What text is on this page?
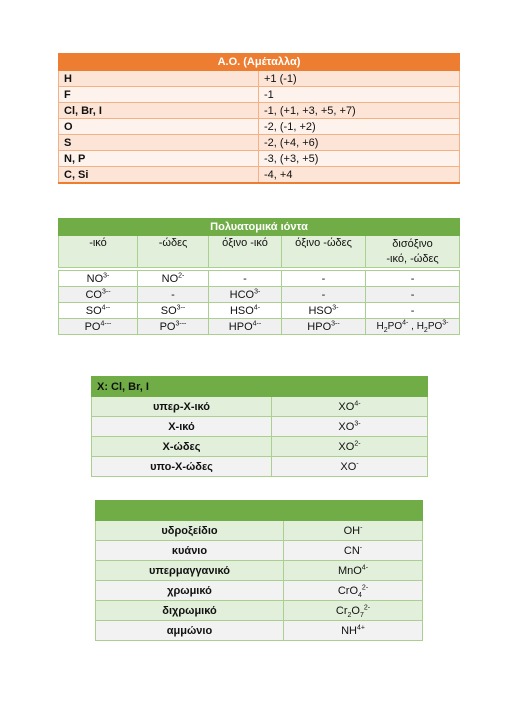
Α.Ο. (Αμέταλλα)	
H	+1 (-1)
F	-1
Cl, Br, I	-1, (+1, +3, +5, +7)
O	-2, (-1, +2)
S	-2, (+4, +6)
N, P	-3, (+3, +5)
C, Si	-4, +4
Πολυατομικά ιόντα				
-ικό	-ώδες	όξινο -ικό	όξινο -ώδες	δισόξινο
-ικό, -ώδες

$NO^{3-}$	$NO^{2-}$	-	-	-
$CO^{3--}$	-	$HCO^{3-}$	-	-
$SO^{4--}$	$SO^{3--}$	$HSO^{4-}$	$HSO^{3-}$	-
$PO^{4---}$	$PO^{3---}$	$HPO^{4--}$	$HPO^{3--}$	$H_2PO^{4-}$ , $H_2PO^{3-}$
X: Cl, Br, I	
υπερ-Χ-ικό	$XO^{4-}$
Χ-ικό	$XO^{3-}$
Χ-ώδες	$XO^{2-}$
υπο-Χ-ώδες	XO-

υδροξείδιο	OH-
κυάνιο	CN-
υπερμαγγανικό	MnO$^{4-}$
χρωμικό	CrO$_4^{2-}$
διχρωμικό	$Cr_2O_7^{2-}$
αμμώνιο	$NH^{4+}$
